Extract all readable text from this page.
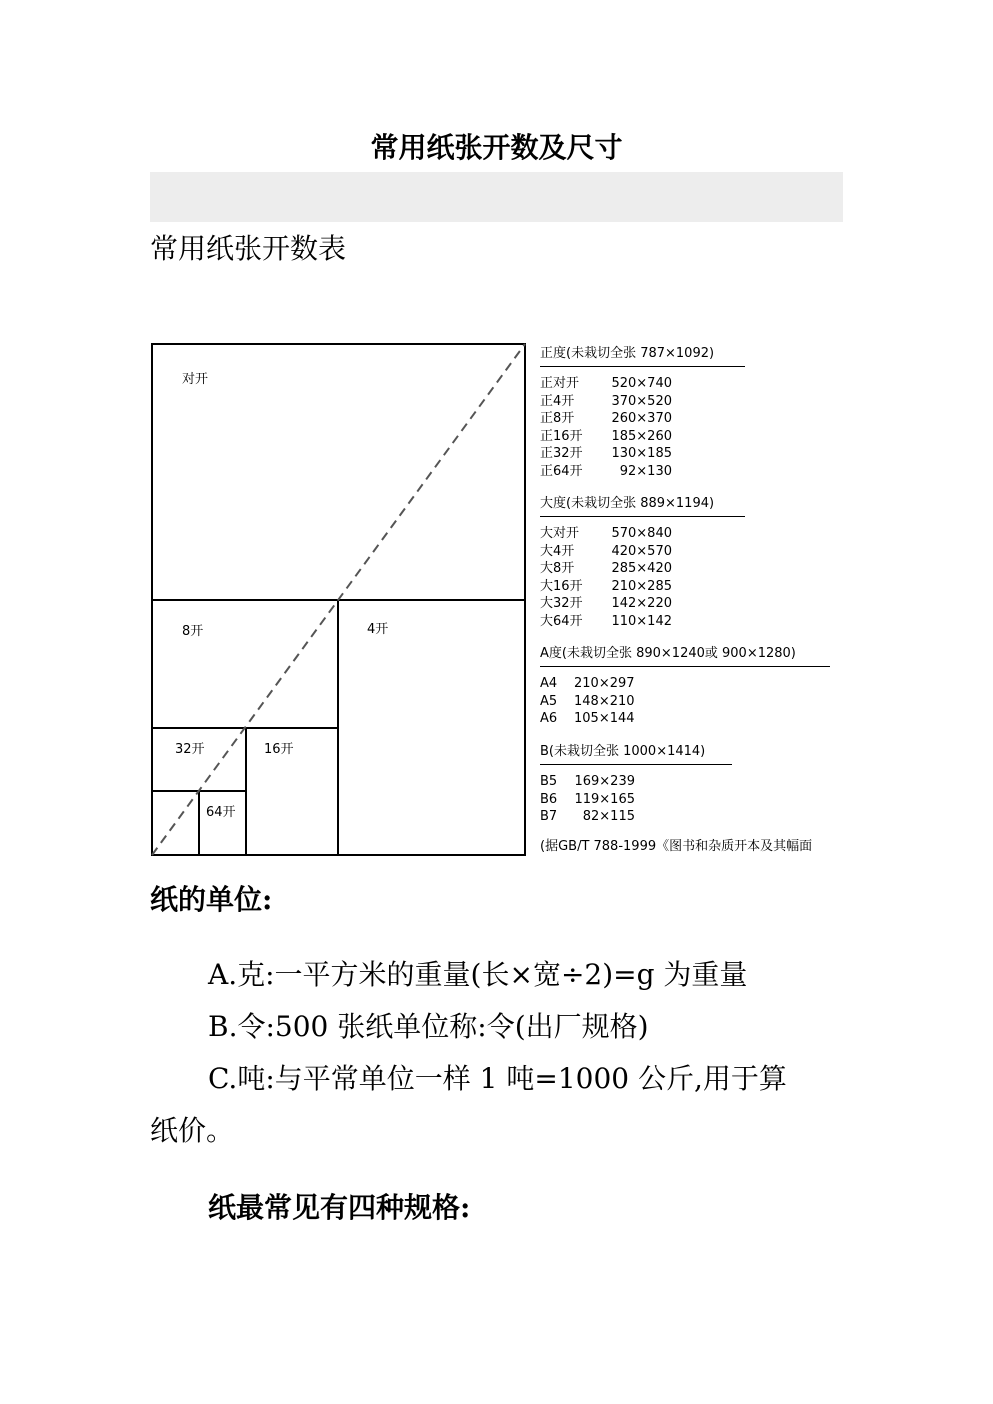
常用纸张开数及尺寸
常用纸张开数表
对开
8开	4开
32开	16开
64开
正度(未栽切全张 787×1092)
正对开 520×740
正4开	370×520
正8开	260×370
正16开 185×260
正32开 130×185
正64开	92×130
大度(未栽切全张 889×1194)
大对开 570×840
大4开	420×570
大8开	285×420
大16开 210×285
大32开 142×220
大64开 110×142
A度(未栽切全张 890×1240或 900×1280)
A4 210×297
A5 148×210
A6 105×144
B(未栽切全张 1000×1414)
B5 169×239
B6 119×165
B7 82×115
(据GB/T 788-1999《图书和杂质开本及其幅面

纸的单位:

A.克:一平方米的重量(长×宽÷2)=g 为重量

B.令:500 张纸单位称:令(出厂规格)

C.吨:与平常单位一样 1 吨=1000 公斤,用于算

纸价。

纸最常见有四种规格:
